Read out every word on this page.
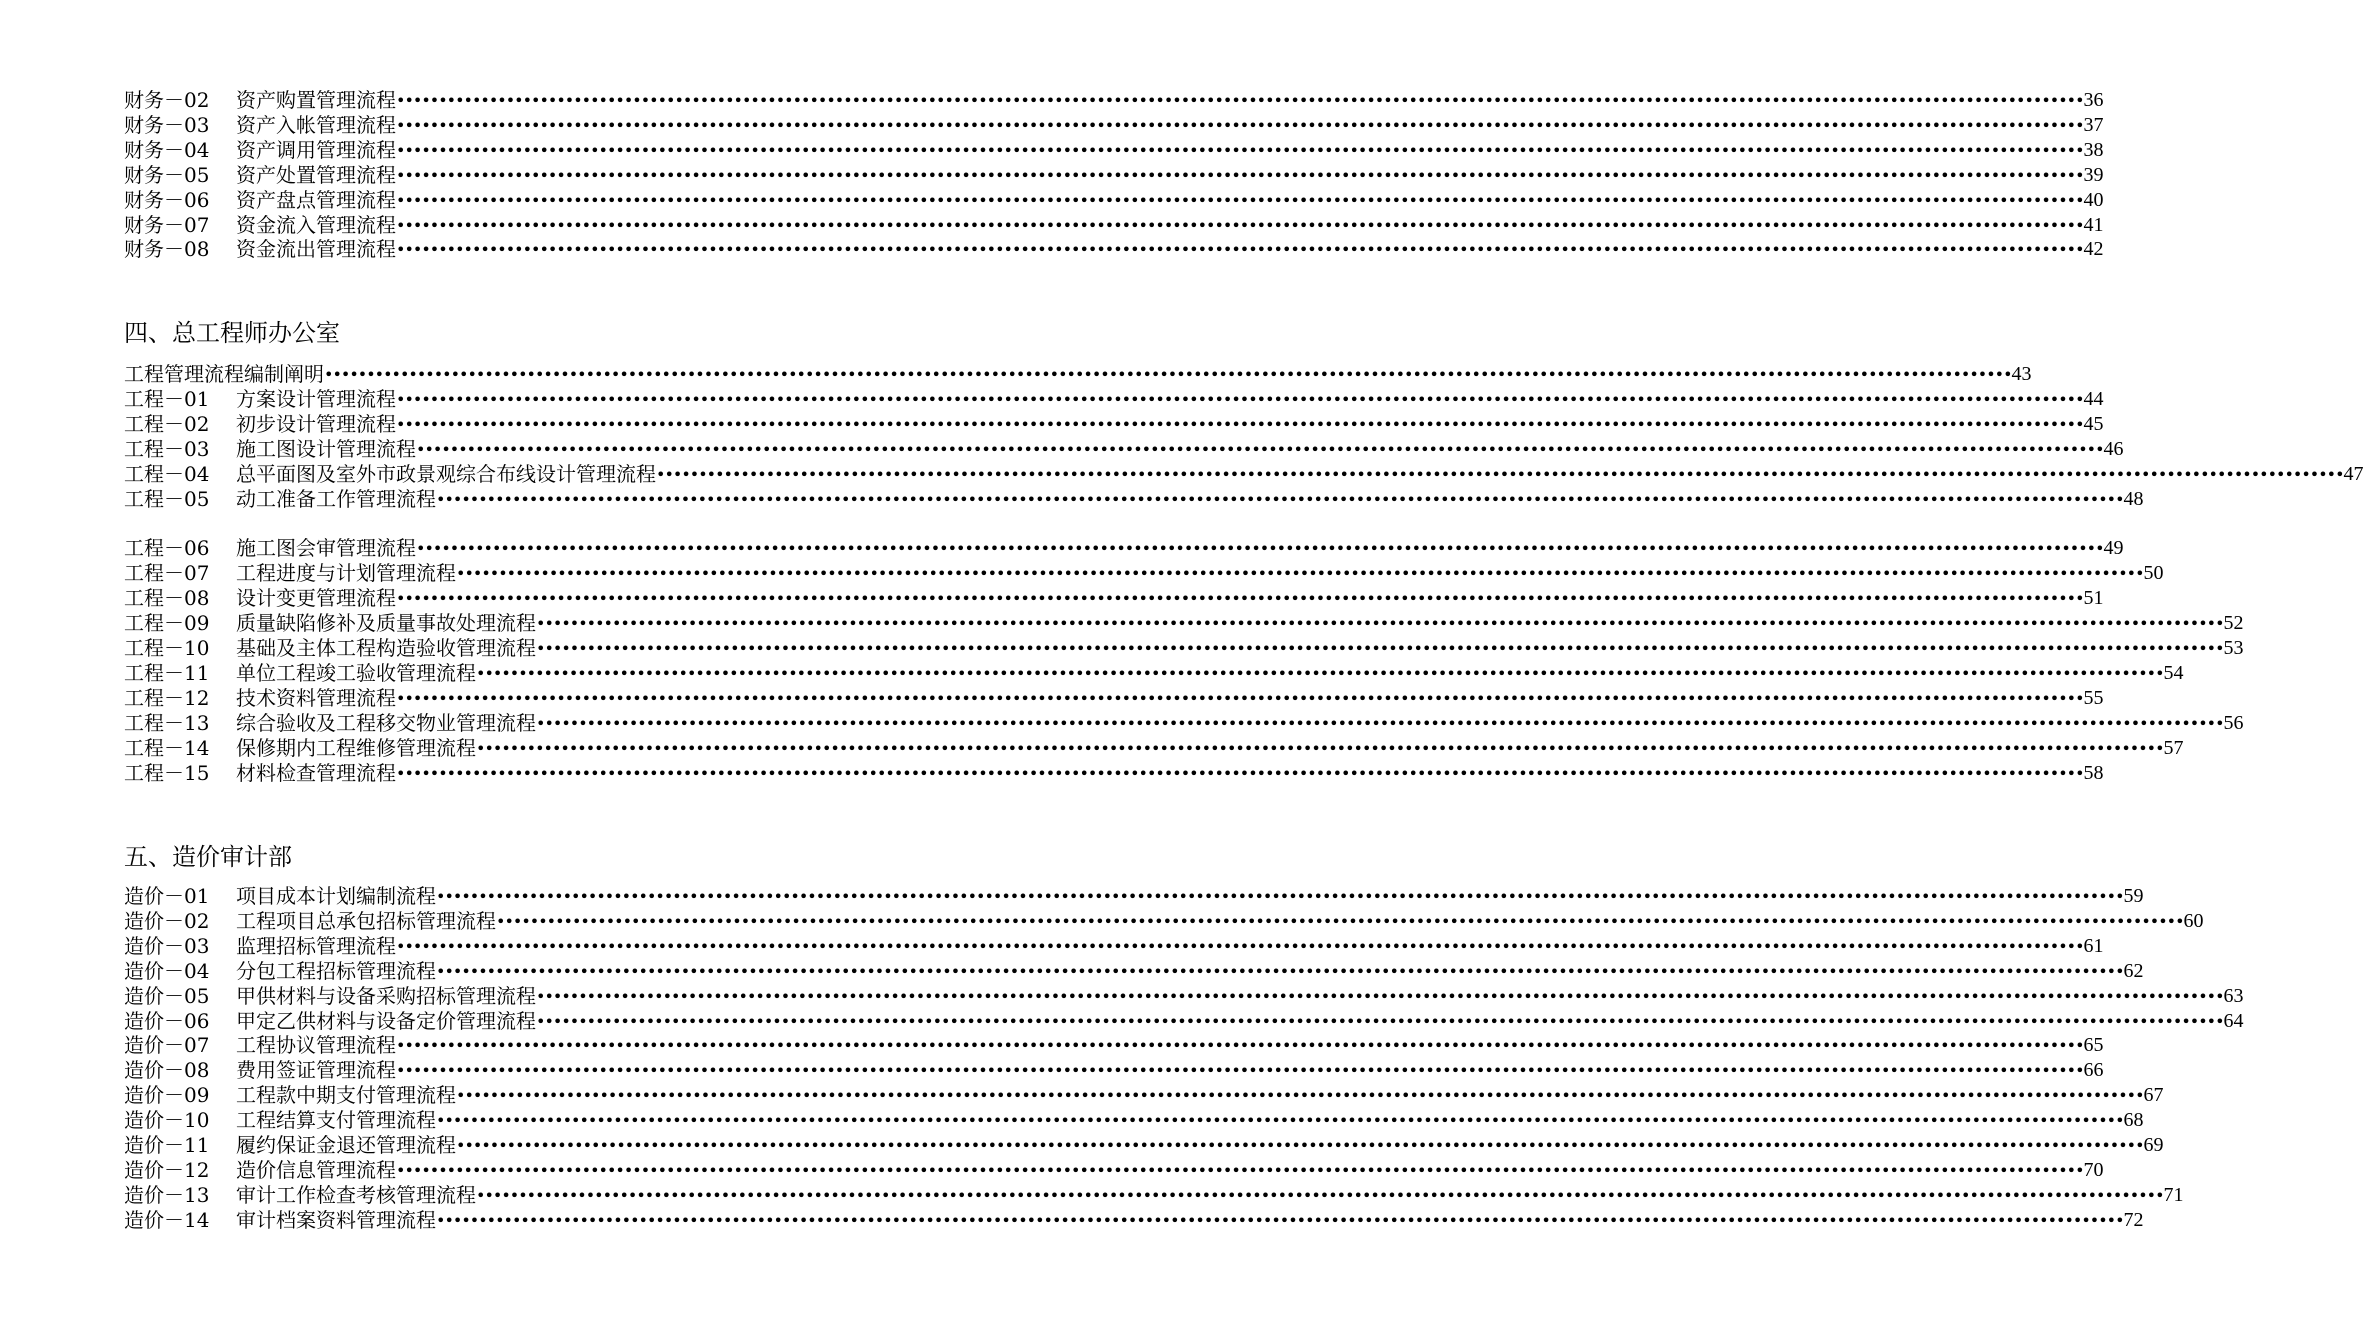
财务－02	资产购置管理流程 •••••••••••••••••••••••••••••••••••••••••••••••••••••••••••••••••••••••••••••••••••••••••••••••••••••••••••••••••••••••••••••••••••••••••••••••••••••••••••••••••••••••••••••••••••••••••••••••••••••••• 36
财务－03	资产入帐管理流程 •••••••••••••••••••••••••••••••••••••••••••••••••••••••••••••••••••••••••••••••••••••••••••••••••••••••••••••••••••••••••••••••••••••••••••••••••••••••••••••••••••••••••••••••••••••••••••••••••••••••• 37
财务－04	资产调用管理流程 •••••••••••••••••••••••••••••••••••••••••••••••••••••••••••••••••••••••••••••••••••••••••••••••••••••••••••••••••••••••••••••••••••••••••••••••••••••••••••••••••••••••••••••••••••••••••••••••••••••••• 38
财务－05	资产处置管理流程 •••••••••••••••••••••••••••••••••••••••••••••••••••••••••••••••••••••••••••••••••••••••••••••••••••••••••••••••••••••••••••••••••••••••••••••••••••••••••••••••••••••••••••••••••••••••••••••••••••••••• 39
财务－06	资产盘点管理流程 •••••••••••••••••••••••••••••••••••••••••••••••••••••••••••••••••••••••••••••••••••••••••••••••••••••••••••••••••••••••••••••••••••••••••••••••••••••••••••••••••••••••••••••••••••••••••••••••••••••••• 40
财务－07	资金流入管理流程 •••••••••••••••••••••••••••••••••••••••••••••••••••••••••••••••••••••••••••••••••••••••••••••••••••••••••••••••••••••••••••••••••••••••••••••••••••••••••••••••••••••••••••••••••••••••••••••••••••••••• 41
财务－08	资金流出管理流程 •••••••••••••••••••••••••••••••••••••••••••••••••••••••••••••••••••••••••••••••••••••••••••••••••••••••••••••••••••••••••••••••••••••••••••••••••••••••••••••••••••••••••••••••••••••••••••••••••••••••• 42
四、总工程师办公室
工程管理流程编制阐明 •••••••••••••••••••••••••••••••••••••••••••••••••••••••••••••••••••••••••••••••••••••••••••••••••••••••••••••••••••••••••••••••••••••••••••••••••••••••••••••••••••••••••••••••••••••••••••••••••••••••• 43
工程－01	方案设计管理流程 •••••••••••••••••••••••••••••••••••••••••••••••••••••••••••••••••••••••••••••••••••••••••••••••••••••••••••••••••••••••••••••••••••••••••••••••••••••••••••••••••••••••••••••••••••••••••••••••••••••••• 44
工程－02	初步设计管理流程 •••••••••••••••••••••••••••••••••••••••••••••••••••••••••••••••••••••••••••••••••••••••••••••••••••••••••••••••••••••••••••••••••••••••••••••••••••••••••••••••••••••••••••••••••••••••••••••••••••••••• 45
工程－03	施工图设计管理流程 •••••••••••••••••••••••••••••••••••••••••••••••••••••••••••••••••••••••••••••••••••••••••••••••••••••••••••••••••••••••••••••••••••••••••••••••••••••••••••••••••••••••••••••••••••••••••••••••••••••••• 46
工程－04	总平面图及室外市政景观综合布线设计管理流程 •••••••••••••••••••••••••••••••••••••••••••••••••••••••••••••••••••••••••••••••••••••••••••••••••••••••••••••••••••••••••••••••••••••••••••••••••••••••••••••••••••••••••••••••••••••••••••••••••••••••• 47
工程－05	动工准备工作管理流程 •••••••••••••••••••••••••••••••••••••••••••••••••••••••••••••••••••••••••••••••••••••••••••••••••••••••••••••••••••••••••••••••••••••••••••••••••••••••••••••••••••••••••••••••••••••••••••••••••••••••• 48
工程－06	施工图会审管理流程 •••••••••••••••••••••••••••••••••••••••••••••••••••••••••••••••••••••••••••••••••••••••••••••••••••••••••••••••••••••••••••••••••••••••••••••••••••••••••••••••••••••••••••••••••••••••••••••••••••••••• 49
工程－07	工程进度与计划管理流程 •••••••••••••••••••••••••••••••••••••••••••••••••••••••••••••••••••••••••••••••••••••••••••••••••••••••••••••••••••••••••••••••••••••••••••••••••••••••••••••••••••••••••••••••••••••••••••••••••••••••• 50
工程－08	设计变更管理流程 •••••••••••••••••••••••••••••••••••••••••••••••••••••••••••••••••••••••••••••••••••••••••••••••••••••••••••••••••••••••••••••••••••••••••••••••••••••••••••••••••••••••••••••••••••••••••••••••••••••••• 51
工程－09	质量缺陷修补及质量事故处理流程 •••••••••••••••••••••••••••••••••••••••••••••••••••••••••••••••••••••••••••••••••••••••••••••••••••••••••••••••••••••••••••••••••••••••••••••••••••••••••••••••••••••••••••••••••••••••••••••••••••••••• 52
工程－10	基础及主体工程构造验收管理流程 •••••••••••••••••••••••••••••••••••••••••••••••••••••••••••••••••••••••••••••••••••••••••••••••••••••••••••••••••••••••••••••••••••••••••••••••••••••••••••••••••••••••••••••••••••••••••••••••••••••••• 53
工程－11	单位工程竣工验收管理流程 •••••••••••••••••••••••••••••••••••••••••••••••••••••••••••••••••••••••••••••••••••••••••••••••••••••••••••••••••••••••••••••••••••••••••••••••••••••••••••••••••••••••••••••••••••••••••••••••••••••••• 54
工程－12	技术资料管理流程 •••••••••••••••••••••••••••••••••••••••••••••••••••••••••••••••••••••••••••••••••••••••••••••••••••••••••••••••••••••••••••••••••••••••••••••••••••••••••••••••••••••••••••••••••••••••••••••••••••••••• 55
工程－13	综合验收及工程移交物业管理流程 •••••••••••••••••••••••••••••••••••••••••••••••••••••••••••••••••••••••••••••••••••••••••••••••••••••••••••••••••••••••••••••••••••••••••••••••••••••••••••••••••••••••••••••••••••••••••••••••••••••••• 56
工程－14	保修期内工程维修管理流程 •••••••••••••••••••••••••••••••••••••••••••••••••••••••••••••••••••••••••••••••••••••••••••••••••••••••••••••••••••••••••••••••••••••••••••••••••••••••••••••••••••••••••••••••••••••••••••••••••••••••• 57
工程－15	材料检查管理流程 •••••••••••••••••••••••••••••••••••••••••••••••••••••••••••••••••••••••••••••••••••••••••••••••••••••••••••••••••••••••••••••••••••••••••••••••••••••••••••••••••••••••••••••••••••••••••••••••••••••••• 58
五、造价审计部
造价－01	项目成本计划编制流程 •••••••••••••••••••••••••••••••••••••••••••••••••••••••••••••••••••••••••••••••••••••••••••••••••••••••••••••••••••••••••••••••••••••••••••••••••••••••••••••••••••••••••••••••••••••••••••••••••••••••• 59
造价－02	工程项目总承包招标管理流程 •••••••••••••••••••••••••••••••••••••••••••••••••••••••••••••••••••••••••••••••••••••••••••••••••••••••••••••••••••••••••••••••••••••••••••••••••••••••••••••••••••••••••••••••••••••••••••••••••••••••• 60
造价－03	监理招标管理流程 •••••••••••••••••••••••••••••••••••••••••••••••••••••••••••••••••••••••••••••••••••••••••••••••••••••••••••••••••••••••••••••••••••••••••••••••••••••••••••••••••••••••••••••••••••••••••••••••••••••••• 61
造价－04	分包工程招标管理流程 •••••••••••••••••••••••••••••••••••••••••••••••••••••••••••••••••••••••••••••••••••••••••••••••••••••••••••••••••••••••••••••••••••••••••••••••••••••••••••••••••••••••••••••••••••••••••••••••••••••••• 62
造价－05	甲供材料与设备采购招标管理流程 •••••••••••••••••••••••••••••••••••••••••••••••••••••••••••••••••••••••••••••••••••••••••••••••••••••••••••••••••••••••••••••••••••••••••••••••••••••••••••••••••••••••••••••••••••••••••••••••••••••••• 63
造价－06	甲定乙供材料与设备定价管理流程 •••••••••••••••••••••••••••••••••••••••••••••••••••••••••••••••••••••••••••••••••••••••••••••••••••••••••••••••••••••••••••••••••••••••••••••••••••••••••••••••••••••••••••••••••••••••••••••••••••••••• 64
造价－07	工程协议管理流程 •••••••••••••••••••••••••••••••••••••••••••••••••••••••••••••••••••••••••••••••••••••••••••••••••••••••••••••••••••••••••••••••••••••••••••••••••••••••••••••••••••••••••••••••••••••••••••••••••••••••• 65
造价－08	费用签证管理流程 •••••••••••••••••••••••••••••••••••••••••••••••••••••••••••••••••••••••••••••••••••••••••••••••••••••••••••••••••••••••••••••••••••••••••••••••••••••••••••••••••••••••••••••••••••••••••••••••••••••••• 66
造价－09	工程款中期支付管理流程 •••••••••••••••••••••••••••••••••••••••••••••••••••••••••••••••••••••••••••••••••••••••••••••••••••••••••••••••••••••••••••••••••••••••••••••••••••••••••••••••••••••••••••••••••••••••••••••••••••••••• 67
造价－10	工程结算支付管理流程 •••••••••••••••••••••••••••••••••••••••••••••••••••••••••••••••••••••••••••••••••••••••••••••••••••••••••••••••••••••••••••••••••••••••••••••••••••••••••••••••••••••••••••••••••••••••••••••••••••••••• 68
造价－11	履约保证金退还管理流程 •••••••••••••••••••••••••••••••••••••••••••••••••••••••••••••••••••••••••••••••••••••••••••••••••••••••••••••••••••••••••••••••••••••••••••••••••••••••••••••••••••••••••••••••••••••••••••••••••••••••• 69
造价－12	造价信息管理流程 •••••••••••••••••••••••••••••••••••••••••••••••••••••••••••••••••••••••••••••••••••••••••••••••••••••••••••••••••••••••••••••••••••••••••••••••••••••••••••••••••••••••••••••••••••••••••••••••••••••••• 70
造价－13	审计工作检查考核管理流程 •••••••••••••••••••••••••••••••••••••••••••••••••••••••••••••••••••••••••••••••••••••••••••••••••••••••••••••••••••••••••••••••••••••••••••••••••••••••••••••••••••••••••••••••••••••••••••••••••••••••• 71
造价－14	审计档案资料管理流程 •••••••••••••••••••••••••••••••••••••••••••••••••••••••••••••••••••••••••••••••••••••••••••••••••••••••••••••••••••••••••••••••••••••••••••••••••••••••••••••••••••••••••••••••••••••••••••••••••••••••• 72
